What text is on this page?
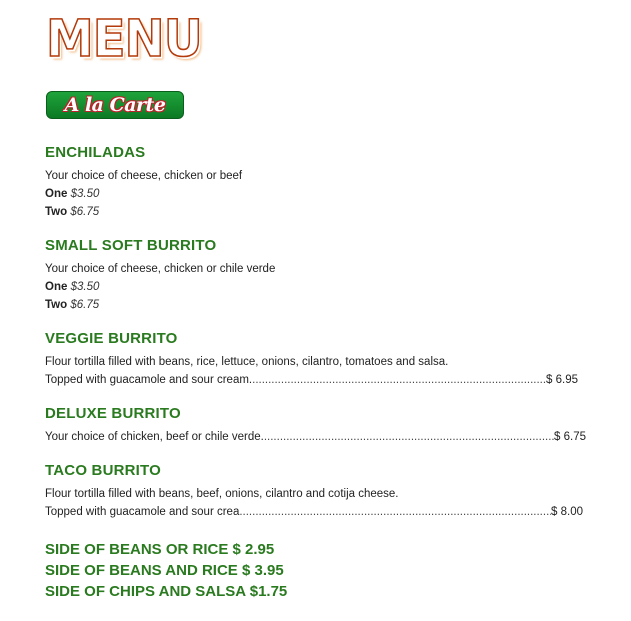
MENU
A la Carte
ENCHILADAS
Your choice of cheese, chicken or beef
One $3.50
Two $6.75
SMALL SOFT BURRITO
Your choice of cheese, chicken or chile verde
One $3.50
Two $6.75
VEGGIE BURRITO
Flour tortilla filled with beans, rice, lettuce, onions, cilantro, tomatoes and salsa.
Topped with guacamole and sour cream. .....	$ 6.95
DELUXE BURRITO
Your choice of chicken, beef or chile verde. .....	$ 6.75
TACO BURRITO
Flour tortilla filled with beans, beef, onions, cilantro and cotija cheese.
Topped with guacamole and sour crea .....	$ 8.00
SIDE OF BEANS OR RICE $ 2.95
SIDE OF BEANS AND RICE $ 3.95
SIDE OF CHIPS AND SALSA $1.75
